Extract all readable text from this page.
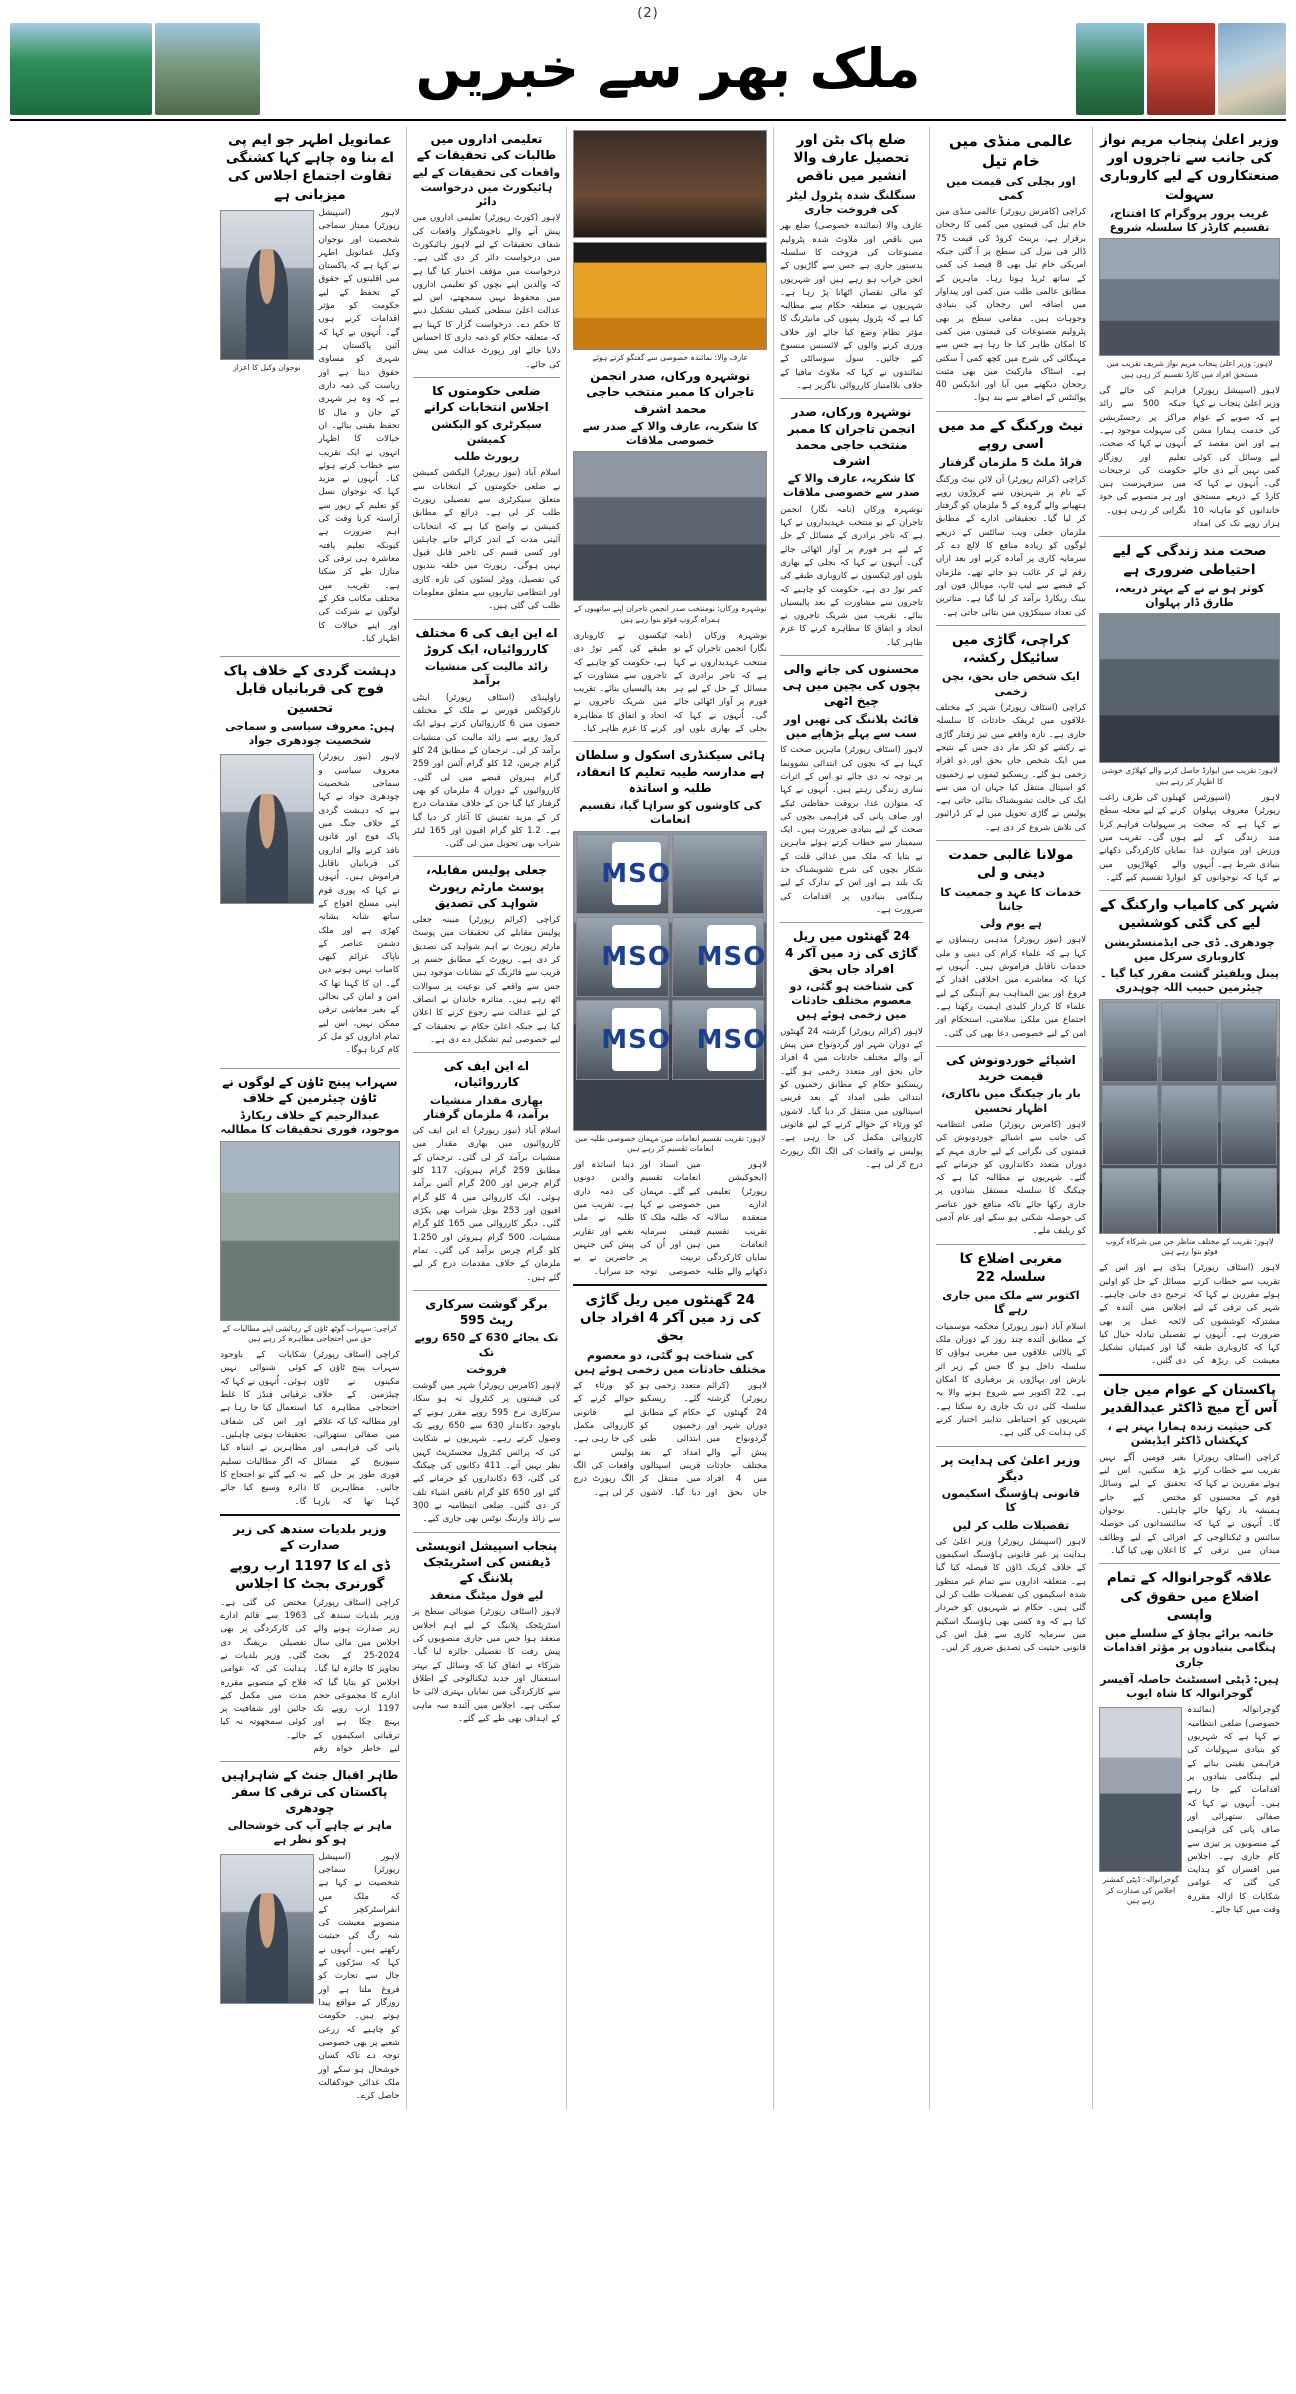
(2)
ملک بھر سے خبریں
وزیر اعلیٰ پنجاب مریم نواز کی جانب سے تاجروں اور صنعتکاروں کے لیے کاروباری سہولت
غریب پرور پروگرام کا افتتاح، تقسیم کارڈز کا سلسلہ شروع
لاہور: وزیر اعلیٰ پنجاب مریم نواز شریف تقریب میں مستحق افراد میں کارڈ تقسیم کر رہی ہیں
لاہور (اسپیشل رپورٹر) وزیر اعلیٰ پنجاب نے کہا ہے کہ صوبے کے عوام کی خدمت ہمارا مشن ہے اور اس مقصد کے لیے وسائل کی کوئی کمی نہیں آنے دی جائے گی۔ اُنہوں نے کہا کہ کارڈ کے ذریعے مستحق خاندانوں کو ماہانہ 10 ہزار روپے تک کی امداد فراہم کی جائے گی جبکہ 500 سے زائد مراکز پر رجسٹریشن کی سہولت موجود ہے۔ اُنہوں نے کہا کہ صحت، تعلیم اور روزگار حکومت کی ترجیحات میں سرفہرست ہیں اور ہر منصوبے کی خود نگرانی کر رہی ہوں۔
صحت مند زندگی کے لیے احتیاطی ضروری ہے
کوثر ہو نے نے کے بہتر ذریعہ، طارق ڈار پہلوان
لاہور: تقریب میں ایوارڈ حاصل کرنے والے کھلاڑی خوشی کا اظہار کر رہے ہیں
لاہور (اسپورٹس رپورٹر) معروف پہلوان نے کہا ہے کہ صحت مند زندگی کے لیے ورزش اور متوازن غذا بنیادی شرط ہے۔ اُنہوں نے کہا کہ نوجوانوں کو کھیلوں کی طرف راغب کرنے کے لیے محلہ سطح پر سہولیات فراہم کرنا ہوں گی۔ تقریب میں نمایاں کارکردگی دکھانے والے کھلاڑیوں میں ایوارڈ تقسیم کیے گئے۔
شہر کی کامیاب وارکنگ کے لیے کی گئی کوششیں
چودھری۔ ڈی جی ایڈمنسٹریشن کاروباری سرکل میں
پینل ویلفیئر گشت مقرر کیا گیا ۔ چیئرمین حبیب اللہ چوہدری
لاہور: تقریب کے مختلف مناظر جن میں شرکاء گروپ فوٹو بنوا رہے ہیں
لاہور (اسٹاف رپورٹر) تقریب سے خطاب کرتے ہوئے مقررین نے کہا کہ شہر کی ترقی کے لیے مشترکہ کوششوں کی ضرورت ہے۔ اُنہوں نے کہا کہ کاروباری طبقہ معیشت کی ریڑھ کی ہڈی ہے اور اس کے مسائل کے حل کو اولین ترجیح دی جانی چاہیے۔ اجلاس میں آئندہ کے لائحہ عمل پر بھی تفصیلی تبادلہ خیال کیا گیا اور کمیٹیاں تشکیل دی گئیں۔
پاکستان کے عوام میں جان آس آج میچ ڈاکٹر عبدالقدیر
کی حیثیت زندہ ہمارا بہتر ہے ، کہکشاں ڈاکٹر ایڈیشن
کراچی (اسٹاف رپورٹر) تقریب سے خطاب کرتے ہوئے مقررین نے کہا کہ قوم کے محسنوں کو ہمیشہ یاد رکھا جائے گا۔ اُنہوں نے کہا کہ سائنس و ٹیکنالوجی کے میدان میں ترقی کے بغیر قومیں آگے نہیں بڑھ سکتیں، اس لیے تحقیق کے لیے وسائل مختص کیے جانے چاہئیں۔ نوجوان سائنسدانوں کی حوصلہ افزائی کے لیے وظائف کا اعلان بھی کیا گیا۔
علاقہ گوجرانوالہ کے تمام اضلاع میں حقوق کی واپسی
خاتمہ برائے بچاؤ کے سلسلے میں ہنگامی بنیادوں پر مؤثر اقدامات جاری
ہیں: ڈپٹی اسسٹنٹ حاصلہ آفیسر گوجرانوالہ کا شاہ ایوب
گوجرانوالہ (نمائندہ خصوصی) ضلعی انتظامیہ نے کہا ہے کہ شہریوں کو بنیادی سہولیات کی فراہمی یقینی بنانے کے لیے ہنگامی بنیادوں پر اقدامات کیے جا رہے ہیں۔ اُنہوں نے کہا کہ صفائی ستھرائی اور صاف پانی کی فراہمی کے منصوبوں پر تیزی سے کام جاری ہے۔ اجلاس میں افسران کو ہدایت کی گئی کہ عوامی شکایات کا ازالہ مقررہ وقت میں کیا جائے۔
گوجرانوالہ: ڈپٹی کمشنر اجلاس کی صدارت کر رہے ہیں
عالمی منڈی میں خام تیل
اور بجلی کی قیمت میں کمی
کراچی (کامرس رپورٹر) عالمی منڈی میں خام تیل کی قیمتوں میں کمی کا رجحان برقرار ہے، برینٹ کروڈ کی قیمت 75 ڈالر فی بیرل کی سطح پر آ گئی جبکہ امریکی خام تیل بھی 8 فیصد کی کمی کے ساتھ ٹریڈ ہوتا رہا۔ ماہرین کے مطابق عالمی طلب میں کمی اور پیداوار میں اضافہ اس رجحان کی بنیادی وجوہات ہیں۔ مقامی سطح پر بھی پٹرولیم مصنوعات کی قیمتوں میں کمی کا امکان ظاہر کیا جا رہا ہے جس سے مہنگائی کی شرح میں کچھ کمی آ سکتی ہے۔ اسٹاک مارکیٹ میں بھی مثبت رجحان دیکھنے میں آیا اور انڈیکس 40 پوائنٹس کے اضافے سے بند ہوا۔
نیٹ ورکنگ کے مد میں اسی روپے
فراڈ ملٹ 5 ملزمان گرفتار
کراچی (کرائم رپورٹر) آن لائن نیٹ ورکنگ کے نام پر شہریوں سے کروڑوں روپے ہتھیانے والے گروہ کے 5 ملزمان کو گرفتار کر لیا گیا۔ تحقیقاتی ادارے کے مطابق ملزمان جعلی ویب سائٹس کے ذریعے لوگوں کو زیادہ منافع کا لالچ دے کر سرمایہ کاری پر آمادہ کرتے اور بعد ازاں رقم لے کر غائب ہو جاتے تھے۔ ملزمان کے قبضے سے لیپ ٹاپ، موبائل فون اور بینک ریکارڈ برآمد کر لیا گیا ہے۔ متاثرین کی تعداد سینکڑوں میں بتائی جاتی ہے۔
کراچی، گاڑی میں سائیکل رکشہ،
ایک شخص جاں بحق، بچن زخمی
کراچی (اسٹاف رپورٹر) شہر کے مختلف علاقوں میں ٹریفک حادثات کا سلسلہ جاری ہے۔ تازہ واقعے میں تیز رفتار گاڑی نے رکشے کو ٹکر مار دی جس کے نتیجے میں ایک شخص جاں بحق اور دو افراد زخمی ہو گئے۔ ریسکیو ٹیموں نے زخمیوں کو اسپتال منتقل کیا جہاں ان میں سے ایک کی حالت تشویشناک بتائی جاتی ہے۔ پولیس نے گاڑی تحویل میں لے کر ڈرائیور کی تلاش شروع کر دی ہے۔
مولانا غالبی حمدت دینی و لی
خدمات کا عہد و جمعیت کا جاننا
ہے یوم ولی
لاہور (نیوز رپورٹر) مذہبی رہنماؤں نے کہا ہے کہ علماء کرام کی دینی و ملی خدمات ناقابل فراموش ہیں۔ اُنہوں نے کہا کہ معاشرے میں اخلاقی اقدار کے فروغ اور بین المذاہب ہم آہنگی کے لیے علماء کا کردار کلیدی اہمیت رکھتا ہے۔ اجتماع میں ملکی سلامتی، استحکام اور امن کے لیے خصوصی دعا بھی کی گئی۔
اشیائے خوردونوش کی قیمت خرید
بار بار چیکنگ میں ناکاری، اظہار تحسین
لاہور (کامرس رپورٹر) ضلعی انتظامیہ کی جانب سے اشیائے خوردونوش کی قیمتوں کی نگرانی کے لیے جاری مہم کے دوران متعدد دکانداروں کو جرمانے کیے گئے۔ شہریوں نے مطالبہ کیا ہے کہ چیکنگ کا سلسلہ مستقل بنیادوں پر جاری رکھا جائے تاکہ منافع خور عناصر کی حوصلہ شکنی ہو سکے اور عام آدمی کو ریلیف ملے۔
مغربی اضلاع کا سلسلہ 22
اکتوبر سے ملک میں جاری رہے گا
اسلام آباد (نیوز رپورٹر) محکمہ موسمیات کے مطابق آئندہ چند روز کے دوران ملک کے بالائی علاقوں میں مغربی ہواؤں کا سلسلہ داخل ہو گا جس کے زیر اثر بارش اور پہاڑوں پر برفباری کا امکان ہے۔ 22 اکتوبر سے شروع ہونے والا یہ سلسلہ کئی دن تک جاری رہ سکتا ہے۔ شہریوں کو احتیاطی تدابیر اختیار کرنے کی ہدایت کی گئی ہے۔
وزیر اعلیٰ کی ہدایت پر دیگر
قانونی ہاؤسنگ اسکیموں کا
تفصیلات طلب کر لیں
لاہور (اسپیشل رپورٹر) وزیر اعلیٰ کی ہدایت پر غیر قانونی ہاؤسنگ اسکیموں کے خلاف کریک ڈاؤن کا فیصلہ کیا گیا ہے۔ متعلقہ اداروں سے تمام غیر منظور شدہ اسکیموں کی تفصیلات طلب کر لی گئی ہیں۔ حکام نے شہریوں کو خبردار کیا ہے کہ وہ کسی بھی ہاؤسنگ اسکیم میں سرمایہ کاری سے قبل اس کی قانونی حیثیت کی تصدیق ضرور کر لیں۔
ضلع پاک بٹن اور تحصیل عارف والا انشیر میں ناقص
سنگلنگ شدہ پٹرول لیٹر کی فروخت جاری
عارف والا (نمائندہ خصوصی) ضلع بھر میں ناقص اور ملاوٹ شدہ پٹرولیم مصنوعات کی فروخت کا سلسلہ بدستور جاری ہے جس سے گاڑیوں کے انجن خراب ہو رہے ہیں اور شہریوں کو مالی نقصان اٹھانا پڑ رہا ہے۔ شہریوں نے متعلقہ حکام سے مطالبہ کیا ہے کہ پٹرول پمپوں کی مانیٹرنگ کا مؤثر نظام وضع کیا جائے اور خلاف ورزی کرنے والوں کے لائسنس منسوخ کیے جائیں۔ سول سوسائٹی کے نمائندوں نے کہا کہ ملاوٹ مافیا کے خلاف بلاامتیاز کارروائی ناگزیر ہے۔
نوشہرہ ورکاں، صدر انجمن تاجران کا ممبر منتخب حاجی محمد اشرف
کا شکریہ، عارف والا کے صدر سے خصوصی ملاقات
نوشہرہ ورکاں (نامہ نگار) انجمن تاجران کے نو منتخب عہدیداروں نے کہا ہے کہ تاجر برادری کے مسائل کے حل کے لیے ہر فورم پر آواز اٹھائی جائے گی۔ اُنہوں نے کہا کہ بجلی کے بھاری بلوں اور ٹیکسوں نے کاروباری طبقے کی کمر توڑ دی ہے، حکومت کو چاہیے کہ تاجروں سے مشاورت کے بعد پالیسیاں بنائے۔ تقریب میں شریک تاجروں نے اتحاد و اتفاق کا مظاہرہ کرنے کا عزم ظاہر کیا۔
محسنوں کی جانے والی بچوں کی بچپن میں ہی چیخ اٹھی
فائٹ پلاننگ کی تھیں اور سب سے پہلے بڑھاپے میں
لاہور (اسٹاف رپورٹر) ماہرین صحت کا کہنا ہے کہ بچوں کی ابتدائی نشوونما پر توجہ نہ دی جائے تو اس کے اثرات ساری زندگی رہتے ہیں۔ اُنہوں نے کہا کہ متوازن غذا، بروقت حفاظتی ٹیکے اور صاف پانی کی فراہمی بچوں کی صحت کے لیے بنیادی ضرورت ہیں۔ ایک سیمینار سے خطاب کرتے ہوئے ماہرین نے بتایا کہ ملک میں غذائی قلت کے شکار بچوں کی شرح تشویشناک حد تک بلند ہے اور اس کے تدارک کے لیے ہنگامی بنیادوں پر اقدامات کی ضرورت ہے۔
24 گھنٹوں میں ریل گاڑی کی زد میں آکر 4 افراد جاں بحق
کی شناخت ہو گئی، دو معصوم مختلف حادثات میں زخمی ہوئے ہیں
لاہور (کرائم رپورٹر) گزشتہ 24 گھنٹوں کے دوران شہر اور گردونواح میں پیش آنے والے مختلف حادثات میں 4 افراد جاں بحق اور متعدد زخمی ہو گئے۔ ریسکیو حکام کے مطابق زخمیوں کو ابتدائی طبی امداد کے بعد قریبی اسپتالوں میں منتقل کر دیا گیا۔ لاشوں کو ورثاء کے حوالے کرنے کے لیے قانونی کارروائی مکمل کی جا رہی ہے۔ پولیس نے واقعات کی الگ الگ رپورٹ درج کر لی ہے۔
عارف والا: نمائندہ خصوصی سے گفتگو کرتے ہوئے
نوشہرہ ورکاں، صدر انجمن تاجران کا ممبر منتخب حاجی محمد اشرف
کا شکریہ، عارف والا کے صدر سے خصوصی ملاقات
نوشہرہ ورکاں: نومنتخب صدر انجمن تاجران اپنے ساتھیوں کے ہمراہ گروپ فوٹو بنوا رہے ہیں
نوشہرہ ورکاں (نامہ نگار) انجمن تاجران کے نو منتخب عہدیداروں نے کہا ہے کہ تاجر برادری کے مسائل کے حل کے لیے ہر فورم پر آواز اٹھائی جائے گی۔ اُنہوں نے کہا کہ بجلی کے بھاری بلوں اور ٹیکسوں نے کاروباری طبقے کی کمر توڑ دی ہے، حکومت کو چاہیے کہ تاجروں سے مشاورت کے بعد پالیسیاں بنائے۔ تقریب میں شریک تاجروں نے اتحاد و اتفاق کا مظاہرہ کرنے کا عزم ظاہر کیا۔
ہائی سیکنڈری اسکول و سلطان ہے مدارسہ طیبہ تعلیم کا انعقاد، طلبہ و اساتذہ
کی کاوشوں کو سراہا گیا، تقسیم انعامات
MSO
MSO
MSO
MSO
MSO
لاہور: تقریب تقسیم انعامات میں مہمان خصوصی طلبہ میں انعامات تقسیم کر رہے ہیں
لاہور (ایجوکیشن رپورٹر) تعلیمی ادارے میں منعقدہ سالانہ تقریب تقسیم انعامات میں نمایاں کارکردگی دکھانے والے طلبہ میں اسناد اور انعامات تقسیم کیے گئے۔ مہمان خصوصی نے کہا کہ طلبہ ملک کا قیمتی سرمایہ ہیں اور اُن کی تربیت پر خصوصی توجہ دینا اساتذہ اور والدین دونوں کی ذمہ داری ہے۔ تقریب میں طلبہ نے ملی نغمے اور تقاریر پیش کیں جنہیں حاضرین نے بے حد سراہا۔
24 گھنٹوں میں ریل گاڑی کی زد میں آکر 4 افراد جاں بحق
کی شناخت ہو گئی، دو معصوم مختلف حادثات میں زخمی ہوئے ہیں
لاہور (کرائم رپورٹر) گزشتہ 24 گھنٹوں کے دوران شہر اور گردونواح میں پیش آنے والے مختلف حادثات میں 4 افراد جاں بحق اور متعدد زخمی ہو گئے۔ ریسکیو حکام کے مطابق زخمیوں کو ابتدائی طبی امداد کے بعد قریبی اسپتالوں میں منتقل کر دیا گیا۔ لاشوں کو ورثاء کے حوالے کرنے کے لیے قانونی کارروائی مکمل کی جا رہی ہے۔ پولیس نے واقعات کی الگ الگ رپورٹ درج کر لی ہے۔
تعلیمی اداروں میں طالبات کی تحقیقات کے
واقعات کی تحقیقات کے لیے ہائیکورٹ میں درخواست دائر
لاہور (کورٹ رپورٹر) تعلیمی اداروں میں پیش آنے والے ناخوشگوار واقعات کی شفاف تحقیقات کے لیے لاہور ہائیکورٹ میں درخواست دائر کر دی گئی ہے۔ درخواست میں مؤقف اختیار کیا گیا ہے کہ والدین اپنے بچوں کو تعلیمی اداروں میں محفوظ نہیں سمجھتے، اس لیے عدالت اعلیٰ سطحی کمیٹی تشکیل دینے کا حکم دے۔ درخواست گزار کا کہنا ہے کہ متعلقہ حکام کو ذمہ داری کا احساس دلایا جائے اور رپورٹ عدالت میں پیش کی جائے۔
ضلعی حکومتوں کا اجلاس انتخابات کرانے
سیکرٹری کو الیکشن کمیشن
رپورٹ طلب
اسلام آباد (نیوز رپورٹر) الیکشن کمیشن نے ضلعی حکومتوں کے انتخابات سے متعلق سیکرٹری سے تفصیلی رپورٹ طلب کر لی ہے۔ ذرائع کے مطابق کمیشن نے واضح کیا ہے کہ انتخابات آئینی مدت کے اندر کرائے جانے چاہئیں اور کسی قسم کی تاخیر قابل قبول نہیں ہوگی۔ رپورٹ میں حلقہ بندیوں کی تفصیل، ووٹر لسٹوں کی تازہ کاری اور انتظامی تیاریوں سے متعلق معلومات طلب کی گئی ہیں۔
اے این ایف کی 6 مختلف کارروائیاں، ایک کروڑ
زائد مالیت کی منشیات برآمد
راولپنڈی (اسٹاف رپورٹر) اینٹی نارکوٹکس فورس نے ملک کے مختلف حصوں میں 6 کارروائیاں کرتے ہوئے ایک کروڑ روپے سے زائد مالیت کی منشیات برآمد کر لی۔ ترجمان کے مطابق 24 کلو گرام چرس، 12 کلو گرام آئس اور 259 گرام ہیروئن قبضے میں لی گئی۔ کارروائیوں کے دوران 4 ملزمان کو بھی گرفتار کیا گیا جن کے خلاف مقدمات درج کر کے مزید تفتیش کا آغاز کر دیا گیا ہے۔ 1.2 کلو گرام افیون اور 165 لیٹر شراب بھی تحویل میں لی گئی۔
جعلی پولیس مقابلہ، پوسٹ مارٹم رپورٹ شواہد کی تصدیق
کراچی (کرائم رپورٹر) مبینہ جعلی پولیس مقابلے کی تحقیقات میں پوسٹ مارٹم رپورٹ نے اہم شواہد کی تصدیق کر دی ہے۔ رپورٹ کے مطابق جسم پر قریب سے فائرنگ کے نشانات موجود ہیں جس سے واقعے کی نوعیت پر سوالات اٹھ رہے ہیں۔ متاثرہ خاندان نے انصاف کے لیے عدالت سے رجوع کرنے کا اعلان کیا ہے جبکہ اعلیٰ حکام نے تحقیقات کے لیے خصوصی ٹیم تشکیل دے دی ہے۔
اے این ایف کی کارروائیاں،
بھاری مقدار منشیات برآمد، 4 ملزمان گرفتار
اسلام آباد (نیوز رپورٹر) اے این ایف کی کارروائیوں میں بھاری مقدار میں منشیات برآمد کر لی گئی۔ ترجمان کے مطابق 259 گرام ہیروئن، 117 کلو گرام چرس اور 200 گرام آئس برآمد ہوئی۔ ایک کارروائی میں 4 کلو گرام افیون اور 253 بوتل شراب بھی پکڑی گئی۔ دیگر کارروائی میں 165 کلو گرام منشیات، 500 گرام ہیروئن اور 1.250 کلو گرام چرس برآمد کی گئی۔ تمام ملزمان کے خلاف مقدمات درج کر لیے گئے ہیں۔
برگر گوشت سرکاری ریٹ 595
تک بجائے 630 کے 650 روپے تک
فروخت
لاہور (کامرس رپورٹر) شہر میں گوشت کی قیمتوں پر کنٹرول نہ ہو سکا، سرکاری نرخ 595 روپے مقرر ہونے کے باوجود دکاندار 630 سے 650 روپے تک وصول کرتے رہے۔ شہریوں نے شکایت کی کہ پرائس کنٹرول مجسٹریٹ کہیں نظر نہیں آتے۔ 411 دکانوں کی چیکنگ کی گئی، 63 دکانداروں کو جرمانے کیے گئے اور 650 کلو گرام ناقص اشیاء تلف کر دی گئیں۔ ضلعی انتظامیہ نے 300 سے زائد وارننگ نوٹس بھی جاری کیے۔
پنجاب اسپیشل انویسٹی ڈیفنس کی اسٹریٹجک پلاننگ کے
لیے فول میٹنگ منعقد
لاہور (اسٹاف رپورٹر) صوبائی سطح پر اسٹریٹجک پلاننگ کے لیے اہم اجلاس منعقد ہوا جس میں جاری منصوبوں کی پیش رفت کا تفصیلی جائزہ لیا گیا۔ شرکاء نے اتفاق کیا کہ وسائل کے بہتر استعمال اور جدید ٹیکنالوجی کے اطلاق سے کارکردگی میں نمایاں بہتری لائی جا سکتی ہے۔ اجلاس میں آئندہ سہ ماہی کے اہداف بھی طے کیے گئے۔
عمانویل اطہر جو ایم پی اے بنا وہ چاہے کہا کشنگی تقاوت اجتماع اجلاس کی میزبانی ہے
لاہور (اسپیشل رپورٹر) ممتاز سماجی شخصیت اور نوجوان وکیل عمانویل اطہر نے کہا ہے کہ پاکستان میں اقلیتوں کے حقوق کے تحفظ کے لیے حکومت کو مؤثر اقدامات کرنے ہوں گے۔ اُنہوں نے کہا کہ آئین پاکستان ہر شہری کو مساوی حقوق دیتا ہے اور ریاست کی ذمہ داری ہے کہ وہ ہر شہری کے جان و مال کا تحفظ یقینی بنائے۔ ان خیالات کا اظہار انہوں نے ایک تقریب سے خطاب کرتے ہوئے کیا۔ اُنہوں نے مزید کہا کہ نوجوان نسل کو تعلیم کے زیور سے آراستہ کرنا وقت کی اہم ضرورت ہے کیونکہ تعلیم یافتہ معاشرہ ہی ترقی کی منازل طے کر سکتا ہے۔ تقریب میں مختلف مکاتب فکر کے لوگوں نے شرکت کی اور اپنے خیالات کا اظہار کیا۔
نوجوان وکیل کا اعزاز
دہشت گردی کے خلاف پاک فوج کی قربانیاں قابل تحسین
ہیں: معروف سیاسی و سماجی شخصیت چودھری جواد
لاہور (نیوز رپورٹر) معروف سیاسی و سماجی شخصیت چودھری جواد نے کہا ہے کہ دہشت گردی کے خلاف جنگ میں پاک فوج اور قانون نافذ کرنے والے اداروں کی قربانیاں ناقابل فراموش ہیں۔ اُنہوں نے کہا کہ پوری قوم اپنی مسلح افواج کے ساتھ شانہ بشانہ کھڑی ہے اور ملک دشمن عناصر کے ناپاک عزائم کبھی کامیاب نہیں ہونے دیں گے۔ ان کا کہنا تھا کہ امن و امان کی بحالی کے بغیر معاشی ترقی ممکن نہیں، اس لیے تمام اداروں کو مل کر کام کرنا ہوگا۔
سہراب پینج ٹاؤن کے لوگوں نے ٹاؤن چیئرمین کے خلاف
عبدالرحیم کے خلاف ریکارڈ موجود، فوری تحقیقات کا مطالبہ
کراچی: سہراب گوٹھ ٹاؤن کے رہائشی اپنے مطالبات کے حق میں احتجاجی مظاہرہ کر رہے ہیں
کراچی (اسٹاف رپورٹر) سہراب پینج ٹاؤن کے مکینوں نے ٹاؤن چیئرمین کے خلاف احتجاجی مظاہرہ کیا اور مطالبہ کیا کہ علاقے میں صفائی ستھرائی، پانی کی فراہمی اور سیوریج کے مسائل فوری طور پر حل کیے جائیں۔ مظاہرین کا کہنا تھا کہ بارہا شکایات کے باوجود کوئی شنوائی نہیں ہوئی۔ اُنہوں نے کہا کہ ترقیاتی فنڈز کا غلط استعمال کیا جا رہا ہے اور اس کی شفاف تحقیقات ہونی چاہئیں۔ مظاہرین نے انتباہ کیا کہ اگر مطالبات تسلیم نہ کیے گئے تو احتجاج کا دائرہ وسیع کیا جائے گا۔
وزیر بلدیات سندھ کی زیر صدارت کے
ڈی اے کا 1197 ارب روپے گورنری بجٹ کا اجلاس
کراچی (اسٹاف رپورٹر) وزیر بلدیات سندھ کی زیر صدارت ہونے والے اجلاس میں مالی سال 2024-25 کے بجٹ تجاویز کا جائزہ لیا گیا۔ اجلاس کو بتایا گیا کہ ادارے کا مجموعی حجم 1197 ارب روپے تک پہنچ چکا ہے اور ترقیاتی اسکیموں کے لیے خاطر خواہ رقم مختص کی گئی ہے۔ 1963 سے قائم ادارے کی کارکردگی پر بھی تفصیلی بریفنگ دی گئی۔ وزیر بلدیات نے ہدایت کی کہ عوامی فلاح کے منصوبے مقررہ مدت میں مکمل کیے جائیں اور شفافیت پر کوئی سمجھوتہ نہ کیا جائے۔
طاہر اقبال جنٹ کے شاہراہیں پاکستان کی ترقی کا سفر چودھری
ماہر نے چاہے آپ کی خوشحالی ہو کو نظر ہے
لاہور (اسپیشل رپورٹر) سماجی شخصیت نے کہا ہے کہ ملک میں انفراسٹرکچر کے منصوبے معیشت کی شہ رگ کی حیثیت رکھتے ہیں۔ اُنہوں نے کہا کہ سڑکوں کے جال سے تجارت کو فروغ ملتا ہے اور روزگار کے مواقع پیدا ہوتے ہیں۔ حکومت کو چاہیے کہ زرعی شعبے پر بھی خصوصی توجہ دے تاکہ کسان خوشحال ہو سکے اور ملک غذائی خودکفالت حاصل کرے۔
